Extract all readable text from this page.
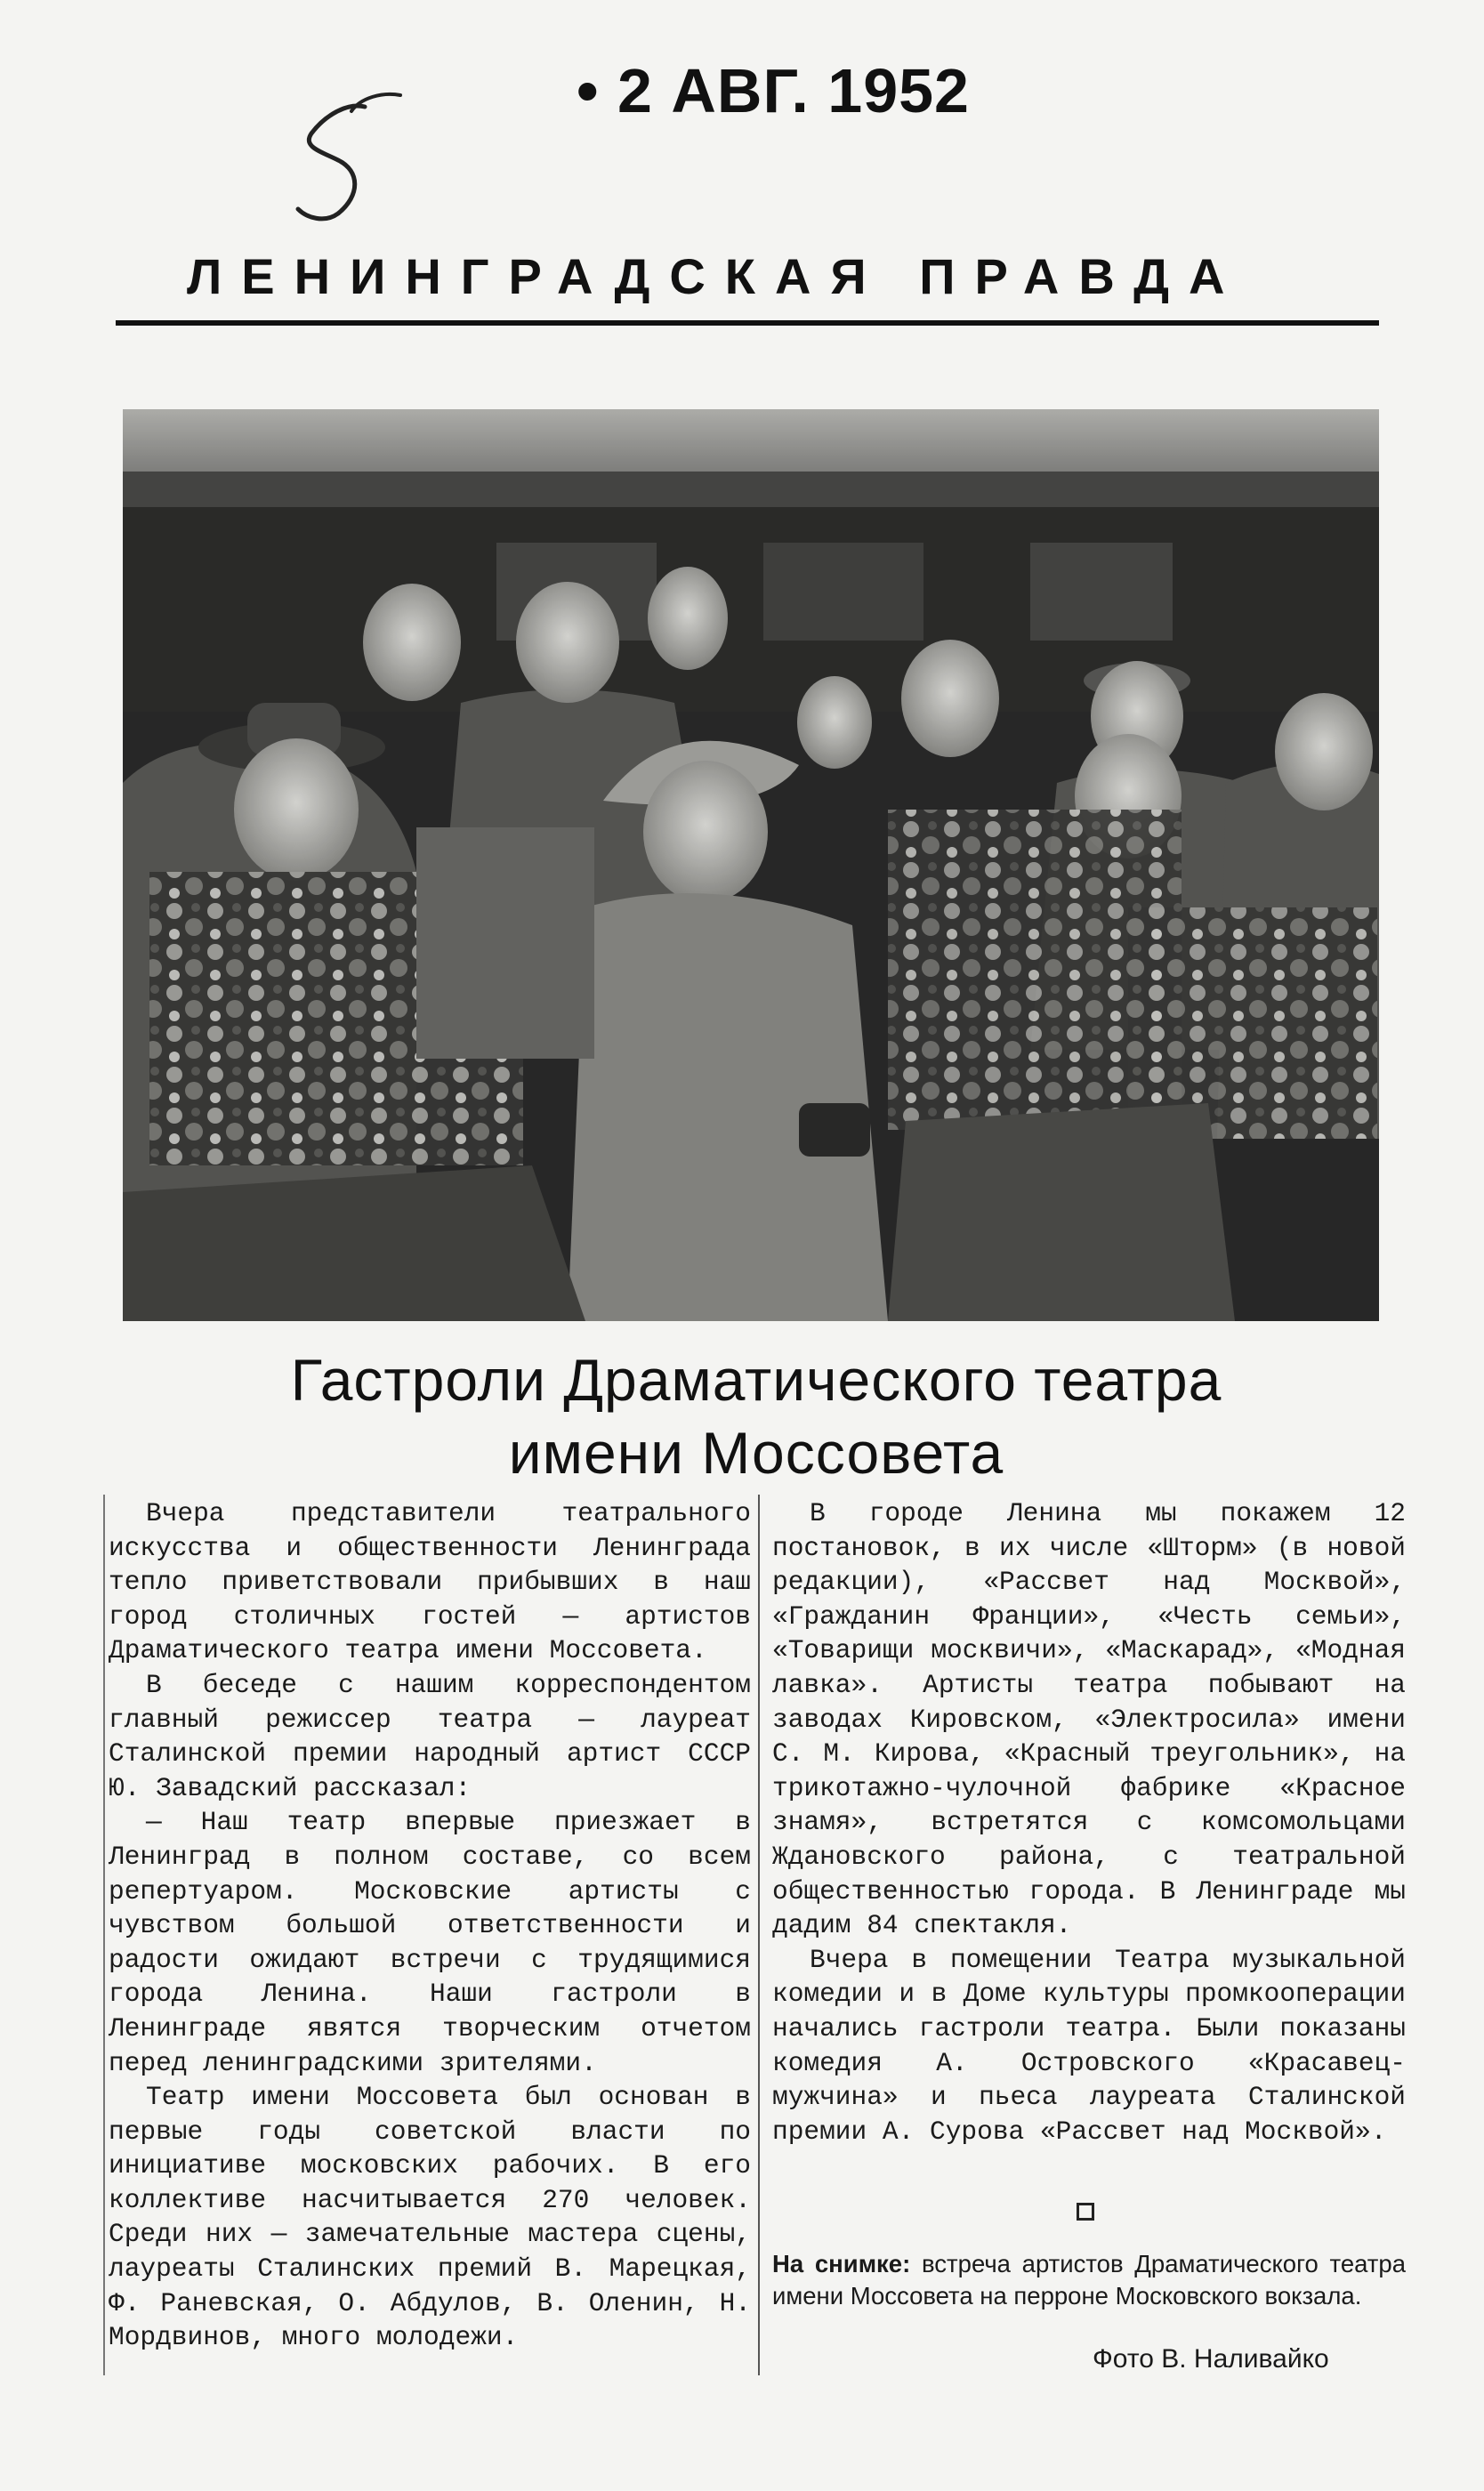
• 2 АВГ. 1952
ЛЕНИНГРАДСКАЯ ПРАВДА
Гастроли Драматического театра
имени Моссовета

Вчера представители театрального искусства и общественности Ленинграда тепло приветствовали прибывших в наш город столичных гостей — артистов Драматического театра имени Моссовета.

В беседе с нашим корреспондентом главный режиссер театра — лауреат Сталинской премии народный артист СССР Ю. Завадский рассказал:

— Наш театр впервые приезжает в Ленинград в полном составе, со всем репертуаром. Московские артисты с чувством большой ответственности и радости ожидают встречи с трудящимися города Ленина. Наши гастроли в Ленинграде явятся творческим отчетом перед ленинградскими зрителями.

Театр имени Моссовета был основан в первые годы советской власти по инициативе московских рабочих. В его коллективе насчитывается 270 человек. Среди них — замечательные мастера сцены, лауреаты Сталинских премий В. Марецкая, Ф. Раневская, О. Абдулов, В. Оленин, Н. Мордвинов, много молодежи.

В городе Ленина мы покажем 12 постановок, в их числе «Шторм» (в новой редакции), «Рассвет над Москвой», «Гражданин Франции», «Честь семьи», «Товарищи москвичи», «Маскарад», «Модная лавка». Артисты театра побывают на заводах Кировском, «Электросила» имени С. М. Кирова, «Красный треугольник», на трикотажно-чулочной фабрике «Красное знамя», встретятся с комсомольцами Ждановского района, с театральной общественностью города. В Ленинграде мы дадим 84 спектакля.

Вчера в помещении Театра музыкальной комедии и в Доме культуры промкооперации начались гастроли театра. Были показаны комедия А. Островского «Красавец-мужчина» и пьеса лауреата Сталинской премии А. Сурова «Рассвет над Москвой».

На снимке: встреча артистов Драматического театра имени Моссовета на перроне Московского вокзала.
Фото В. Наливайко
